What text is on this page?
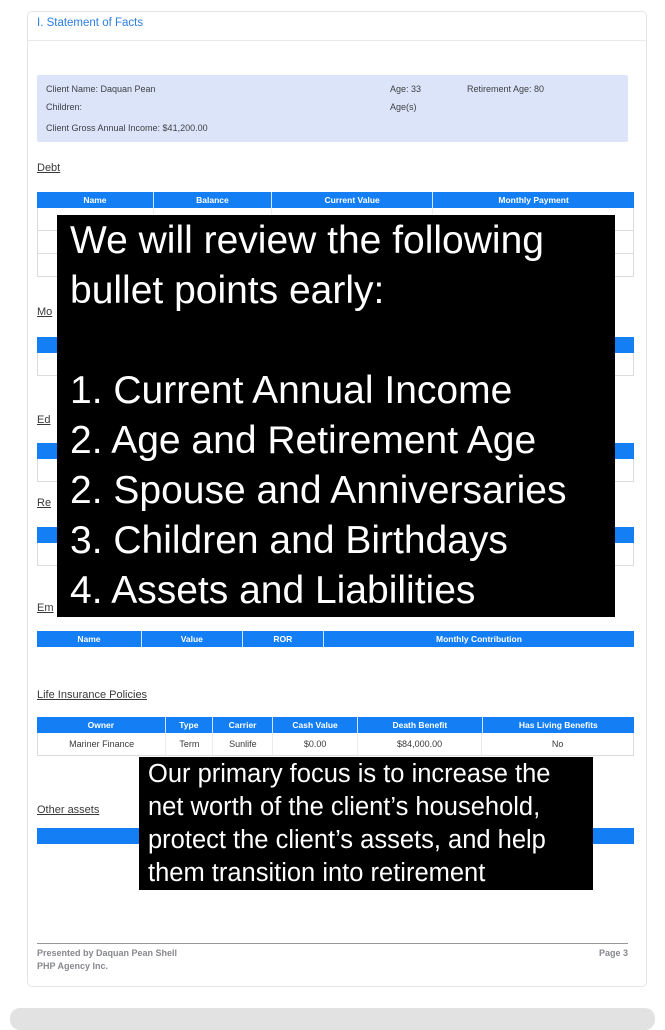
I. Statement of Facts
Client Name: Daquan Pean	Age: 33	Retirement Age: 80
Children:	Age(s)
Client Gross Annual Income: $41,200.00
Debt
Mo
Ed
Re
Em
Life Insurance Policies
Other assets
Name	Balance	Current Value	Monthly Payment
Name	Value	ROR	Monthly Contribution
Owner	Type	Carrier	Cash Value	Death Benefit	Has Living Benefits
Mariner Finance	Term	Sunlife	$0.00	$84,000.00	No
We will review the following
bullet points early:

1. Current Annual Income
2. Age and Retirement Age
2. Spouse and Anniversaries
3. Children and Birthdays
4. Assets and Liabilities
Our primary focus is to increase the
net worth of the client’s household,
protect the client’s assets, and help
them transition into retirement
Presented by Daquan Pean Shell
PHP Agency Inc.
Page 3
